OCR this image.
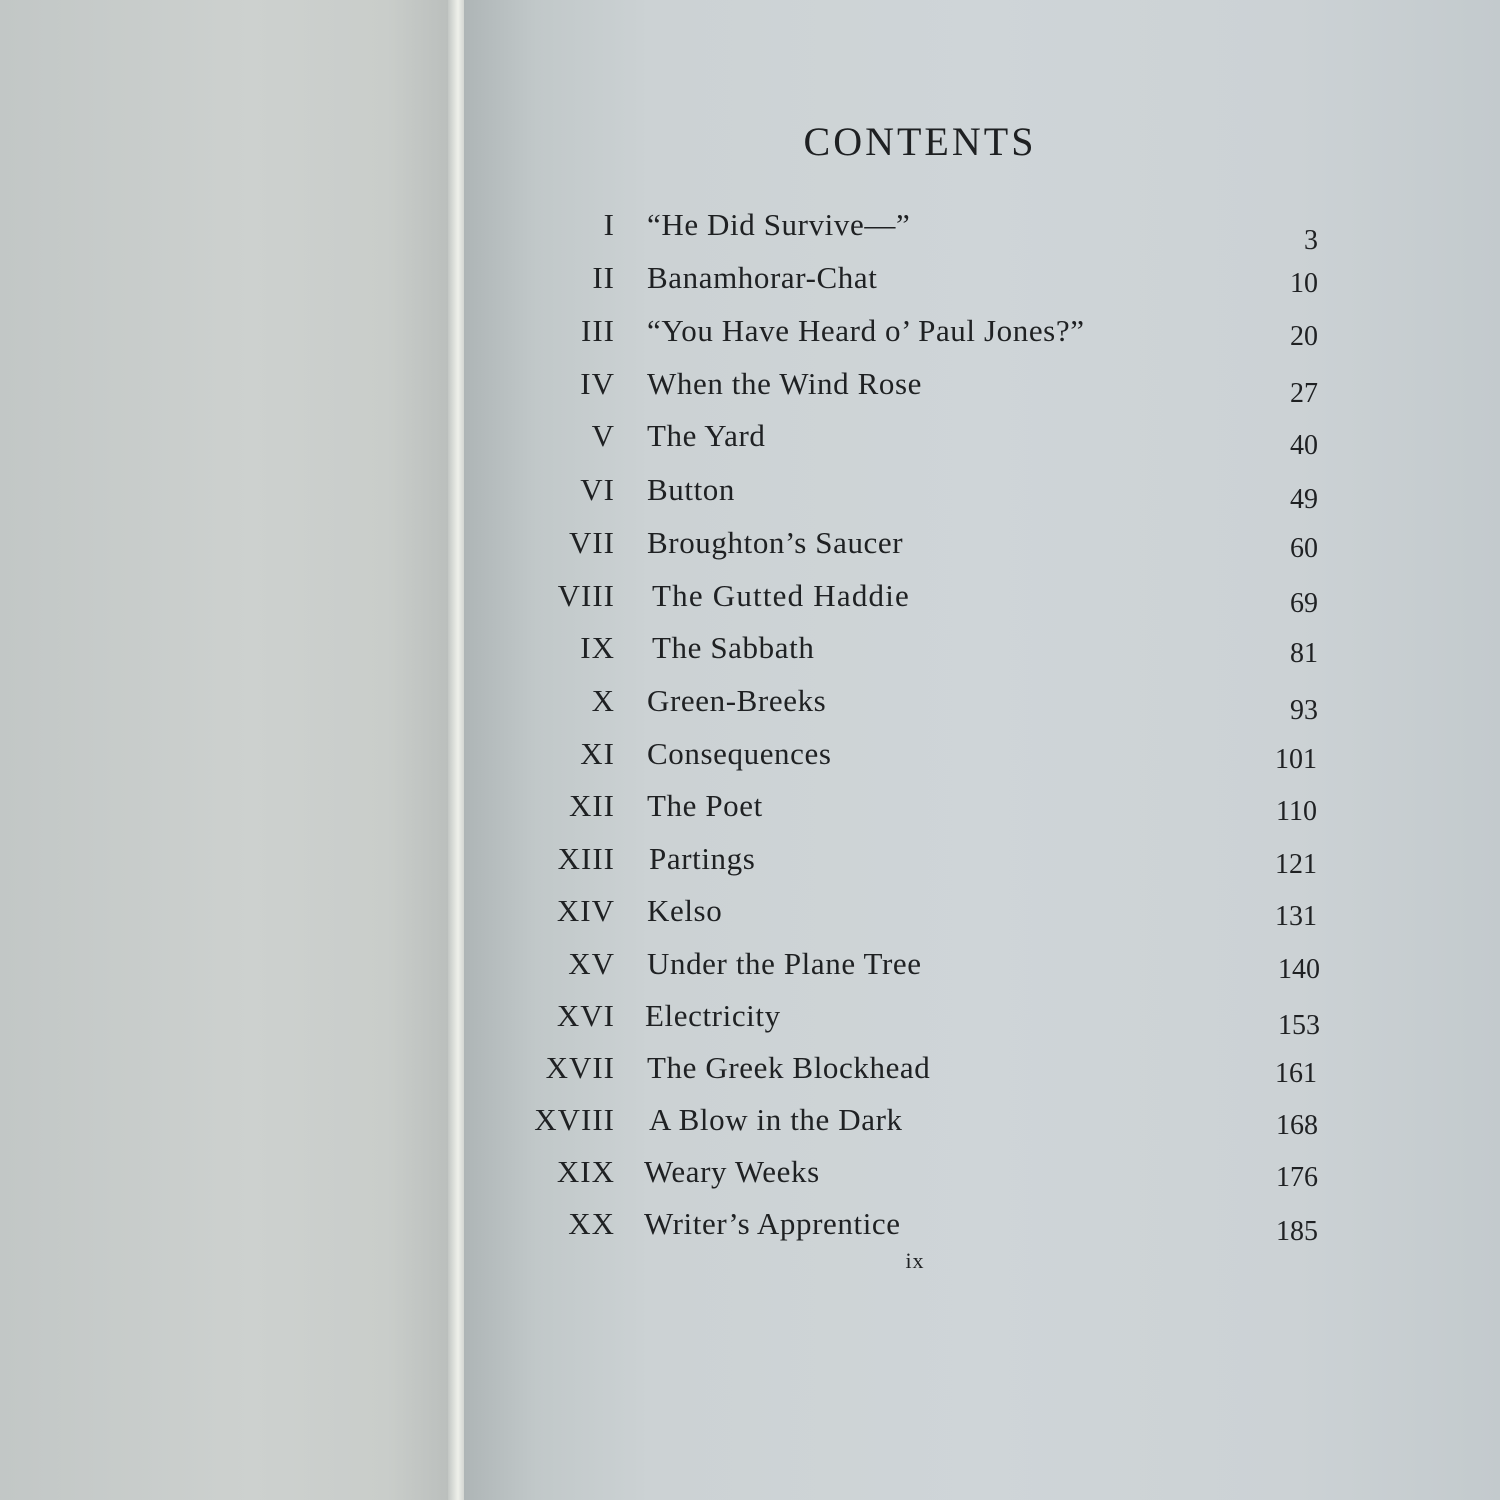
CONTENTS
I “He Did Survive—”	3
II Banamhorar-Chat	10
III “You Have Heard o’ Paul Jones?”	20
IV When the Wind Rose	27
V The Yard	40
VI Button	49
VII Broughton’s Saucer	60
VIII The Gutted Haddie	69
IX The Sabbath	81
X Green-Breeks	93
XI Consequences	101
XII The Poet	110
XIII Partings	121
XIV Kelso	131
XV Under the Plane Tree	140
XVI Electricity	153
XVII The Greek Blockhead	161
XVIII A Blow in the Dark	168
XIX Weary Weeks	176
XX Writer’s Apprentice	185
ix
